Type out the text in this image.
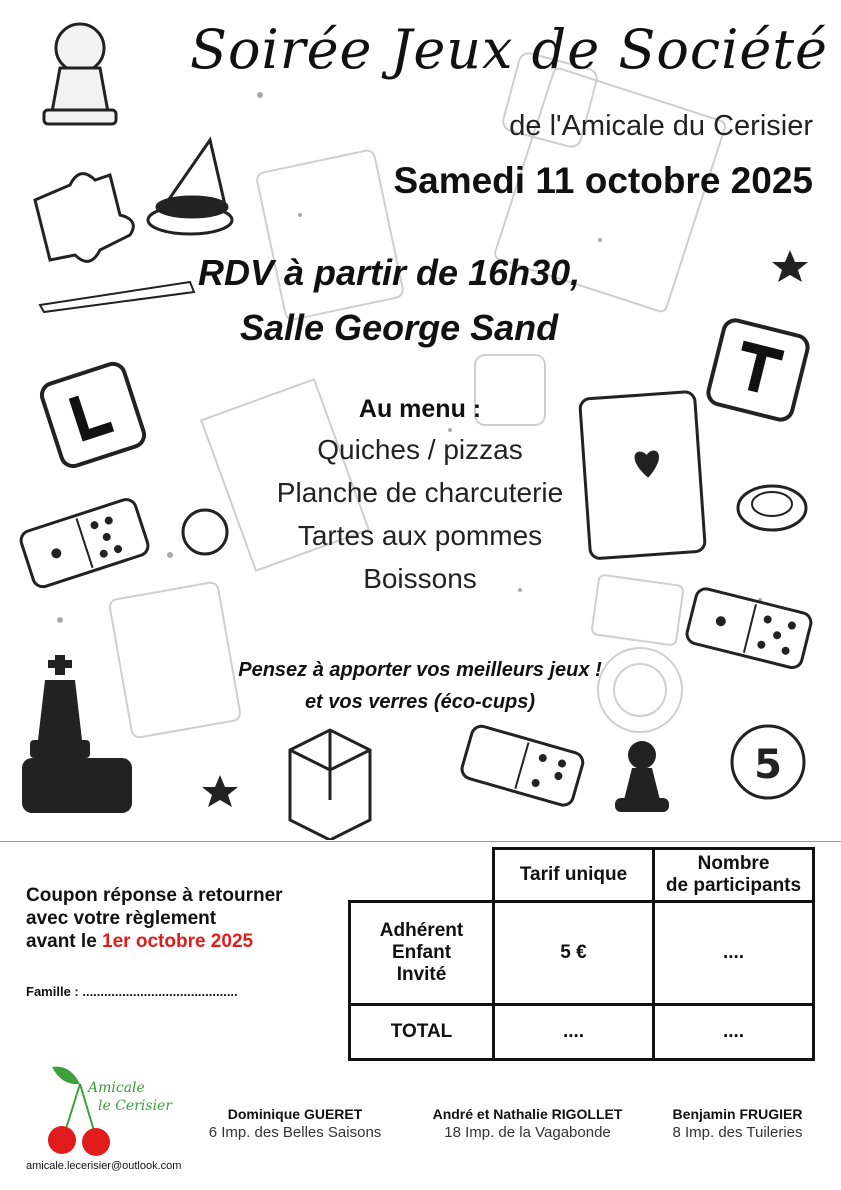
5
Soirée Jeux de Société
de l'Amicale du Cerisier
Samedi 11 octobre 2025
RDV à partir de 16h30,
Salle George Sand
Au menu :
Quiches / pizzas
Planche de charcuterie
Tartes aux pommes
Boissons
Pensez à apporter vos meilleurs jeux !
et vos verres (éco-cups)
Coupon réponse à retourner
avec votre règlement
avant le 1er octobre 2025
Famille : ...........................................
	Tarif unique	Nombre
de participants

Adhérent
Enfant
Invité	5 €	....
TOTAL	....	....
Amicale
le Cerisier
amicale.lecerisier@outlook.com
Dominique GUERET
6 Imp. des Belles Saisons
André et Nathalie RIGOLLET
18 Imp. de la Vagabonde
Benjamin FRUGIER
8 Imp. des Tuileries
